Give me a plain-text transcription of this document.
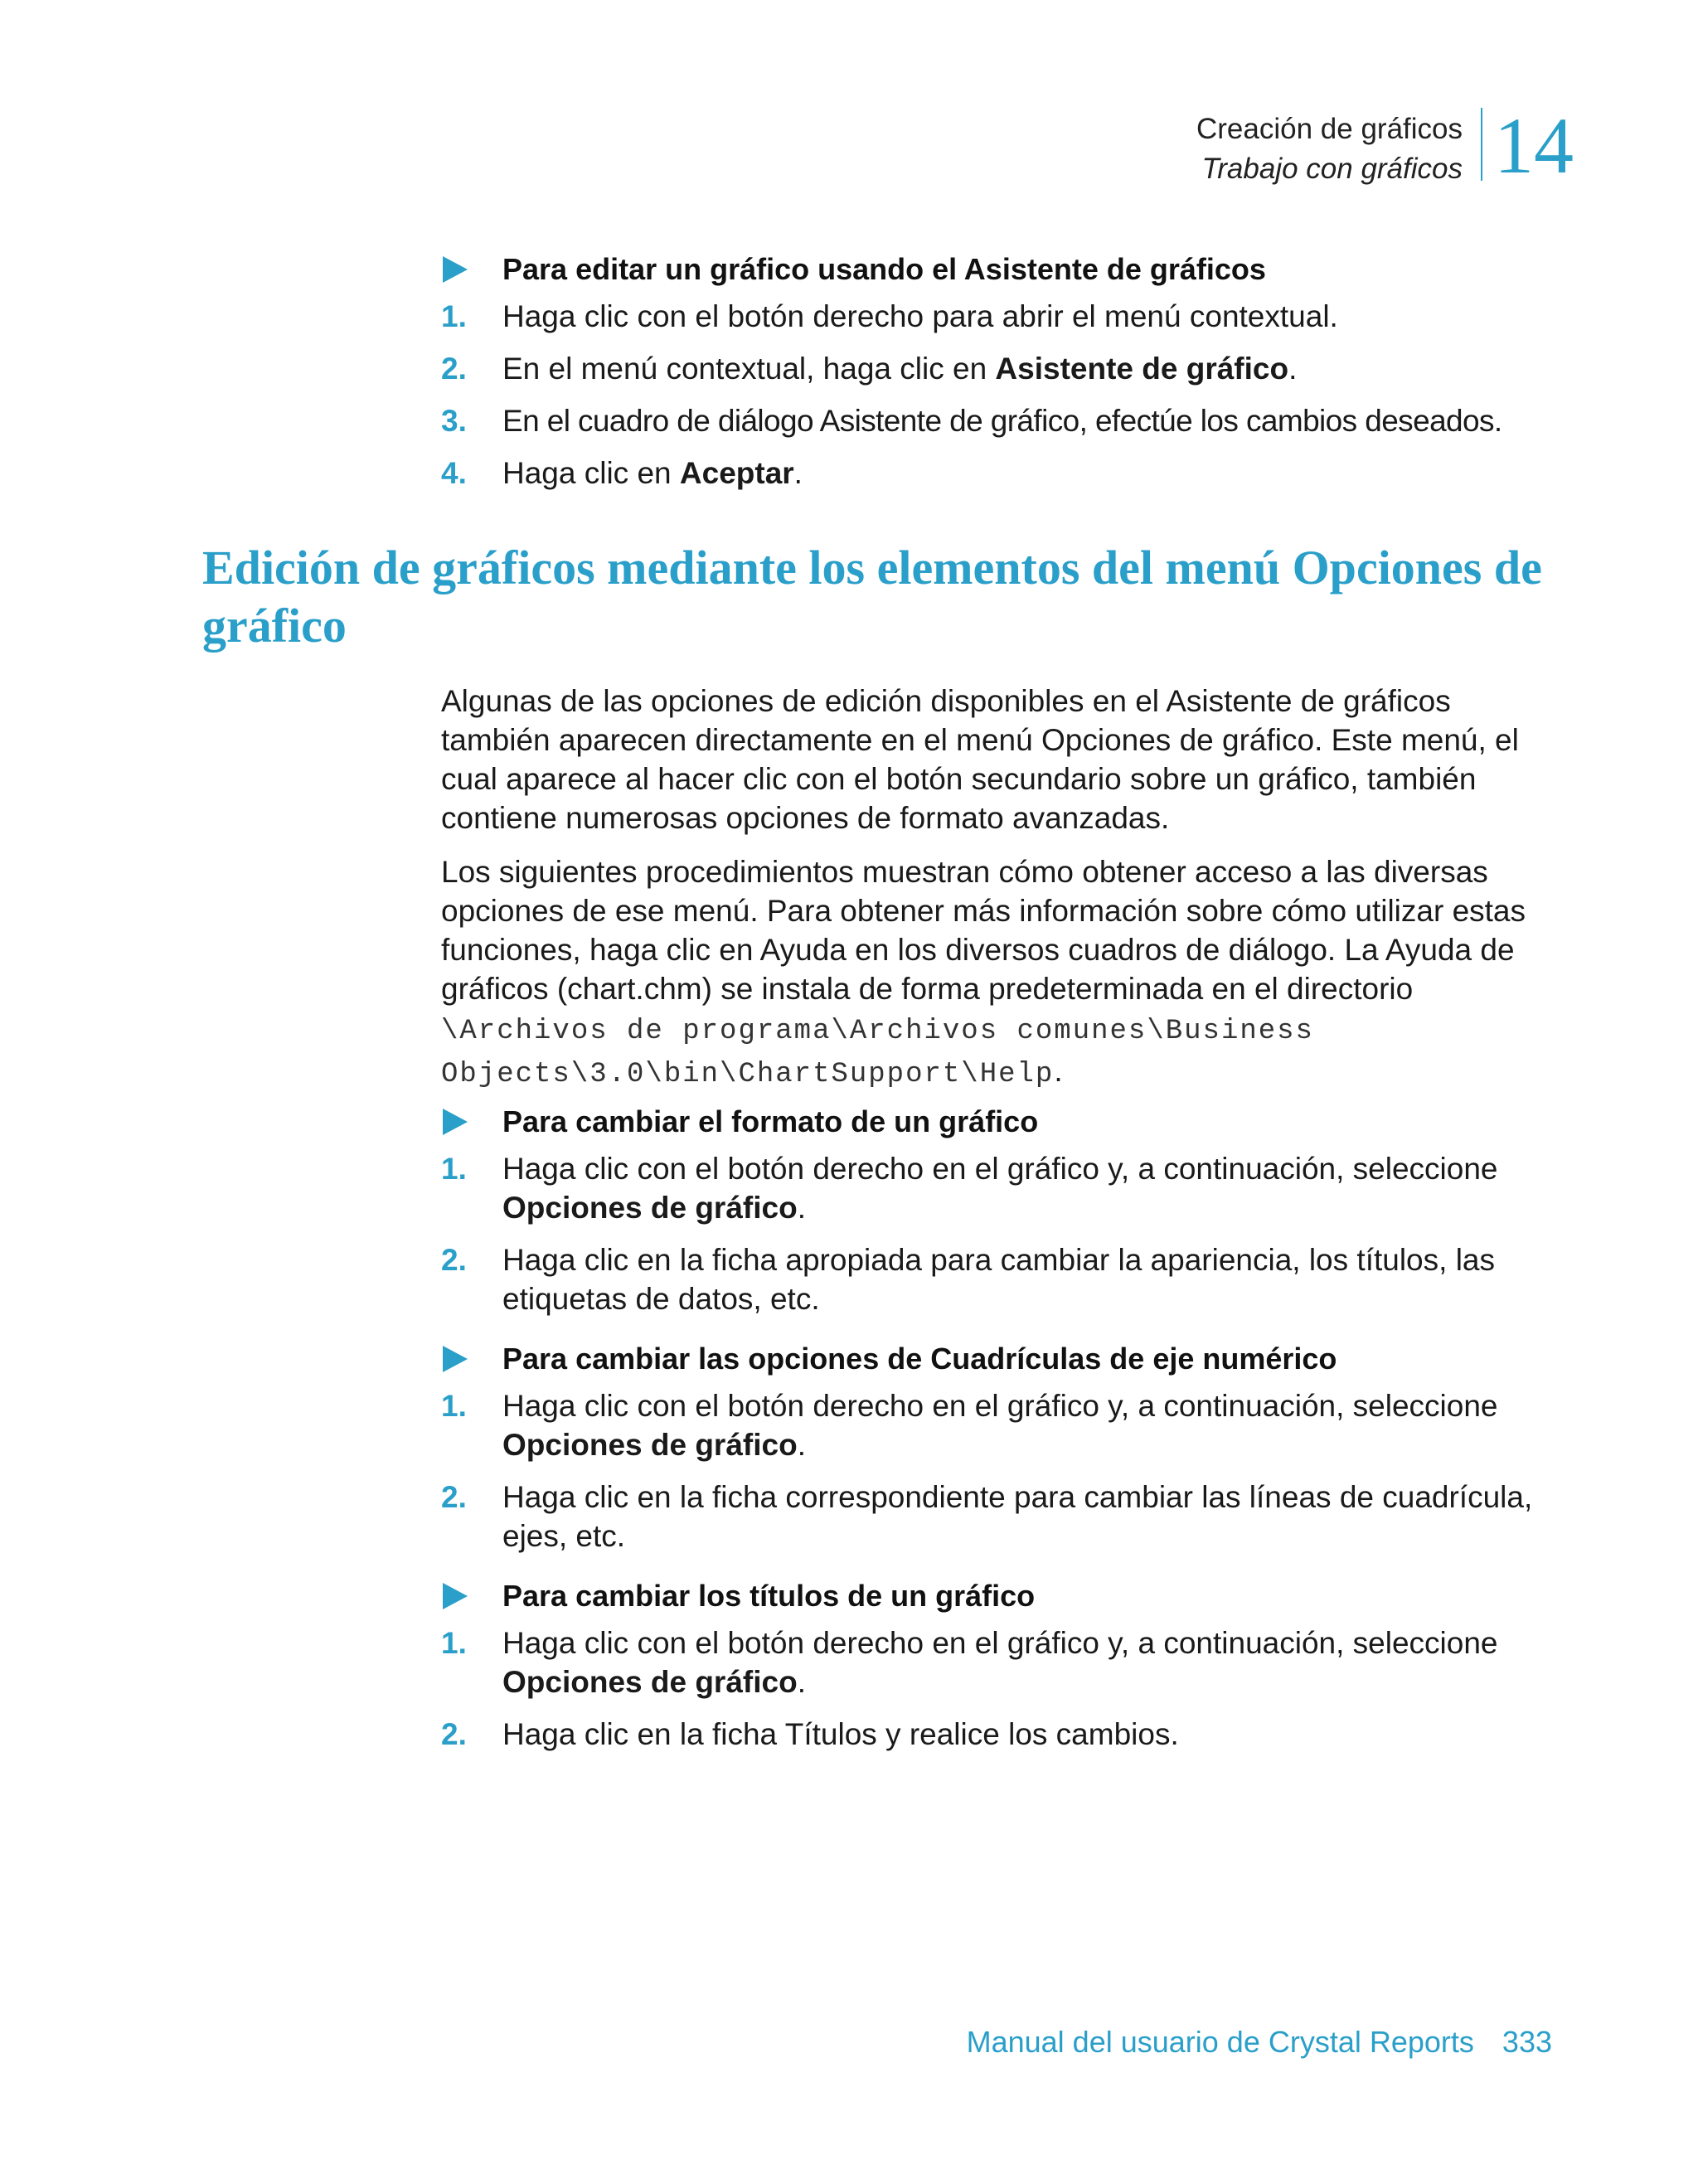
Creación de gráficos
Trabajo con gráficos 14
Para editar un gráfico usando el Asistente de gráficos
1. Haga clic con el botón derecho para abrir el menú contextual.
2. En el menú contextual, haga clic en Asistente de gráfico.
3. En el cuadro de diálogo Asistente de gráfico, efectúe los cambios deseados.
4. Haga clic en Aceptar.
Edición de gráficos mediante los elementos del menú Opciones de gráfico

Algunas de las opciones de edición disponibles en el Asistente de gráficos también aparecen directamente en el menú Opciones de gráfico. Este menú, el cual aparece al hacer clic con el botón secundario sobre un gráfico, también contiene numerosas opciones de formato avanzadas.

Los siguientes procedimientos muestran cómo obtener acceso a las diversas opciones de ese menú. Para obtener más información sobre cómo utilizar estas funciones, haga clic en Ayuda en los diversos cuadros de diálogo. La Ayuda de gráficos (chart.chm) se instala de forma predeterminada en el directorio \Archivos de programa\Archivos comunes\Business Objects\3.0\bin\ChartSupport\Help.

Para cambiar el formato de un gráfico
1. Haga clic con el botón derecho en el gráfico y, a continuación, seleccione Opciones de gráfico.
2. Haga clic en la ficha apropiada para cambiar la apariencia, los títulos, las etiquetas de datos, etc.
Para cambiar las opciones de Cuadrículas de eje numérico
1. Haga clic con el botón derecho en el gráfico y, a continuación, seleccione Opciones de gráfico.
2. Haga clic en la ficha correspondiente para cambiar las líneas de cuadrícula, ejes, etc.
Para cambiar los títulos de un gráfico
1. Haga clic con el botón derecho en el gráfico y, a continuación, seleccione Opciones de gráfico.
2. Haga clic en la ficha Títulos y realice los cambios.
Manual del usuario de Crystal Reports 333
